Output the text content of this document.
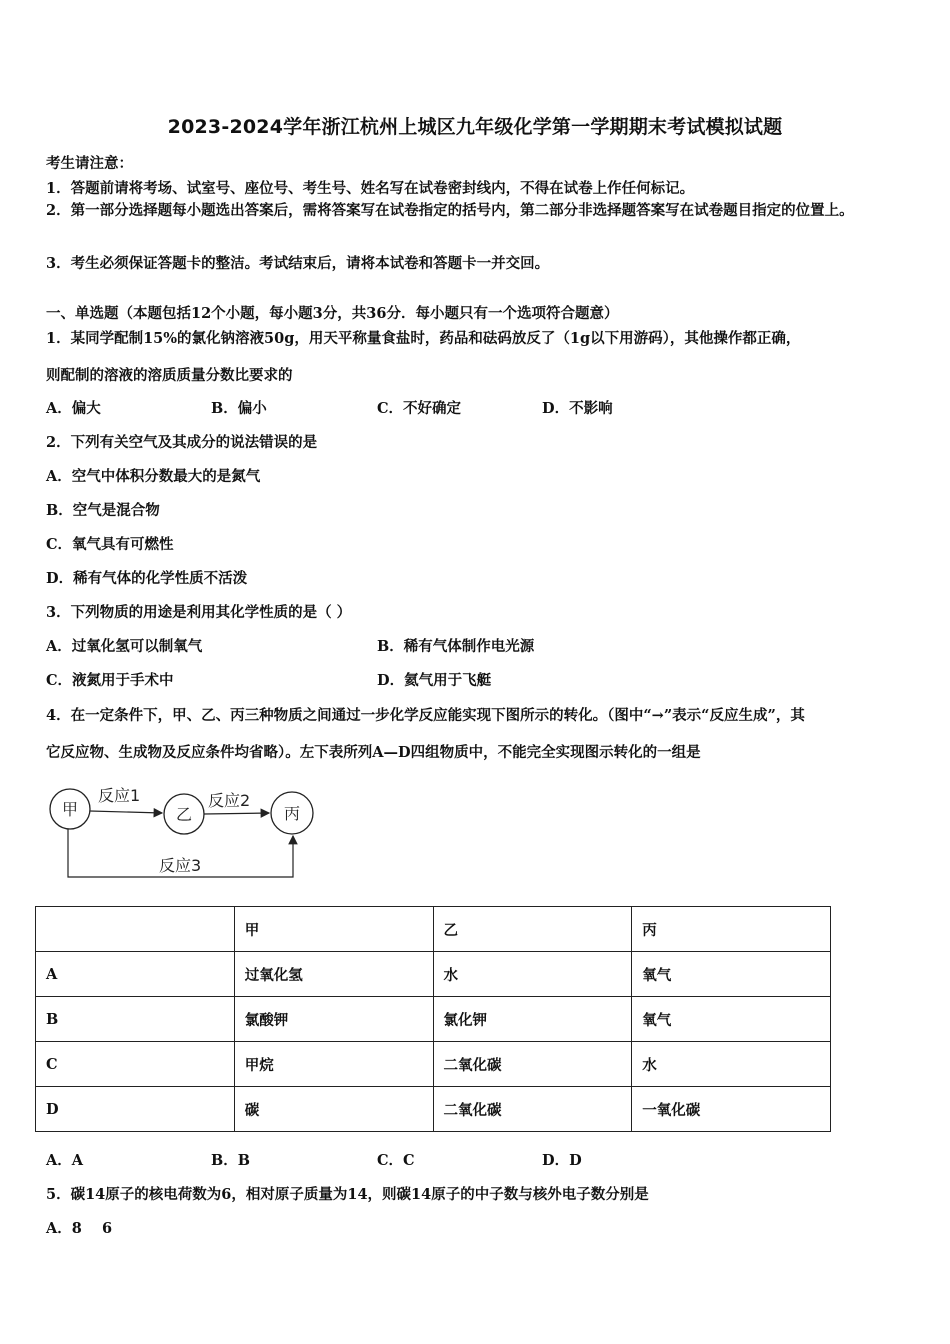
2023-2024学年浙江杭州上城区九年级化学第一学期期末考试模拟试题
考生请注意：
1．答题前请将考场、试室号、座位号、考生号、姓名写在试卷密封线内，不得在试卷上作任何标记。
2．第一部分选择题每小题选出答案后，需将答案写在试卷指定的括号内，第二部分非选择题答案写在试卷题目指定的位置上。
3．考生必须保证答题卡的整洁。考试结束后，请将本试卷和答题卡一并交回。
一、单选题（本题包括12个小题，每小题3分，共36分．每小题只有一个选项符合题意）
1．某同学配制15%的氯化钠溶液50g，用天平称量食盐时，药品和砝码放反了（1g以下用游码），其他操作都正确，
则配制的溶液的溶质质量分数比要求的
A．偏大	B．偏小	C．不好确定	D．不影响
2．下列有关空气及其成分的说法错误的是
A．空气中体积分数最大的是氮气
B．空气是混合物
C．氧气具有可燃性
D．稀有气体的化学性质不活泼
3．下列物质的用途是利用其化学性质的是（ ）
A．过氧化氢可以制氧气	B．稀有气体制作电光源
C．液氮用于手术中	D．氦气用于飞艇
4．在一定条件下，甲、乙、丙三种物质之间通过一步化学反应能实现下图所示的转化。（图中“→”表示“反应生成”，其
它反应物、生成物及反应条件均省略）。左下表所列A—D四组物质中，不能完全实现图示转化的一组是
甲	乙	丙
反应1	反应2
反应3
	甲	乙	丙
A	过氧化氢	水	氧气
B	氯酸钾	氯化钾	氧气
C	甲烷	二氧化碳	水
D	碳	二氧化碳	一氧化碳
A．A	B．B	C．C	D．D
5．碳14原子的核电荷数为6，相对原子质量为14，则碳14原子的中子数与核外电子数分别是
A．8    6
